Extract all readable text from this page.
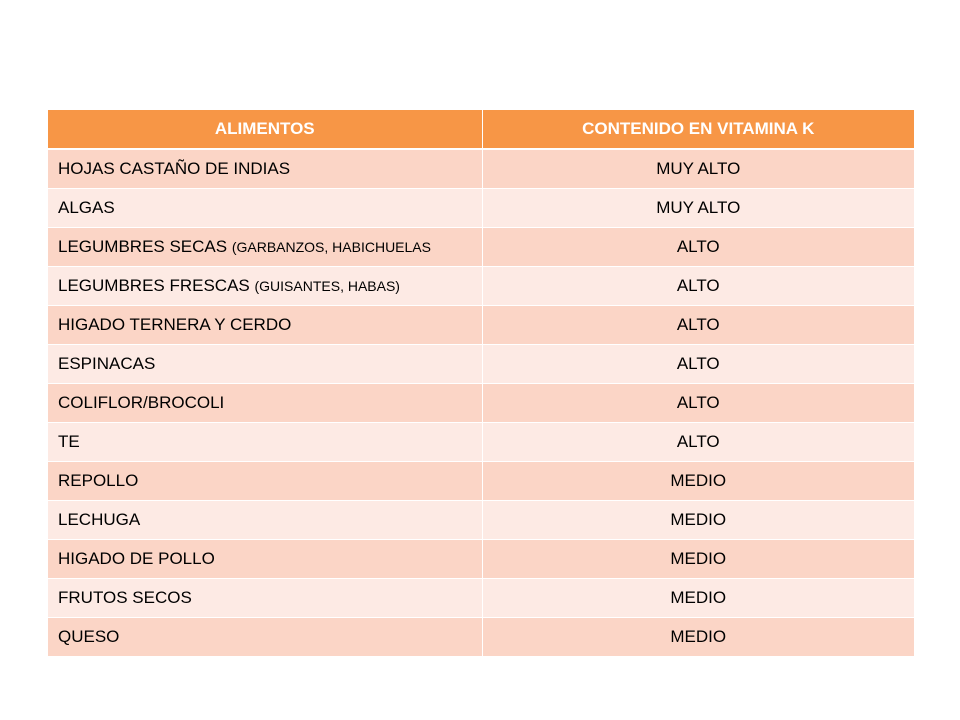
ALIMENTOS	CONTENIDO EN VITAMINA K
HOJAS CASTAÑO DE INDIAS	MUY ALTO
ALGAS	MUY ALTO
LEGUMBRES SECAS (GARBANZOS, HABICHUELAS	ALTO
LEGUMBRES FRESCAS (GUISANTES, HABAS)	ALTO
HIGADO TERNERA Y CERDO	ALTO
ESPINACAS	ALTO
COLIFLOR/BROCOLI	ALTO
TE	ALTO
REPOLLO	MEDIO
LECHUGA	MEDIO
HIGADO DE POLLO	MEDIO
FRUTOS SECOS	MEDIO
QUESO	MEDIO
